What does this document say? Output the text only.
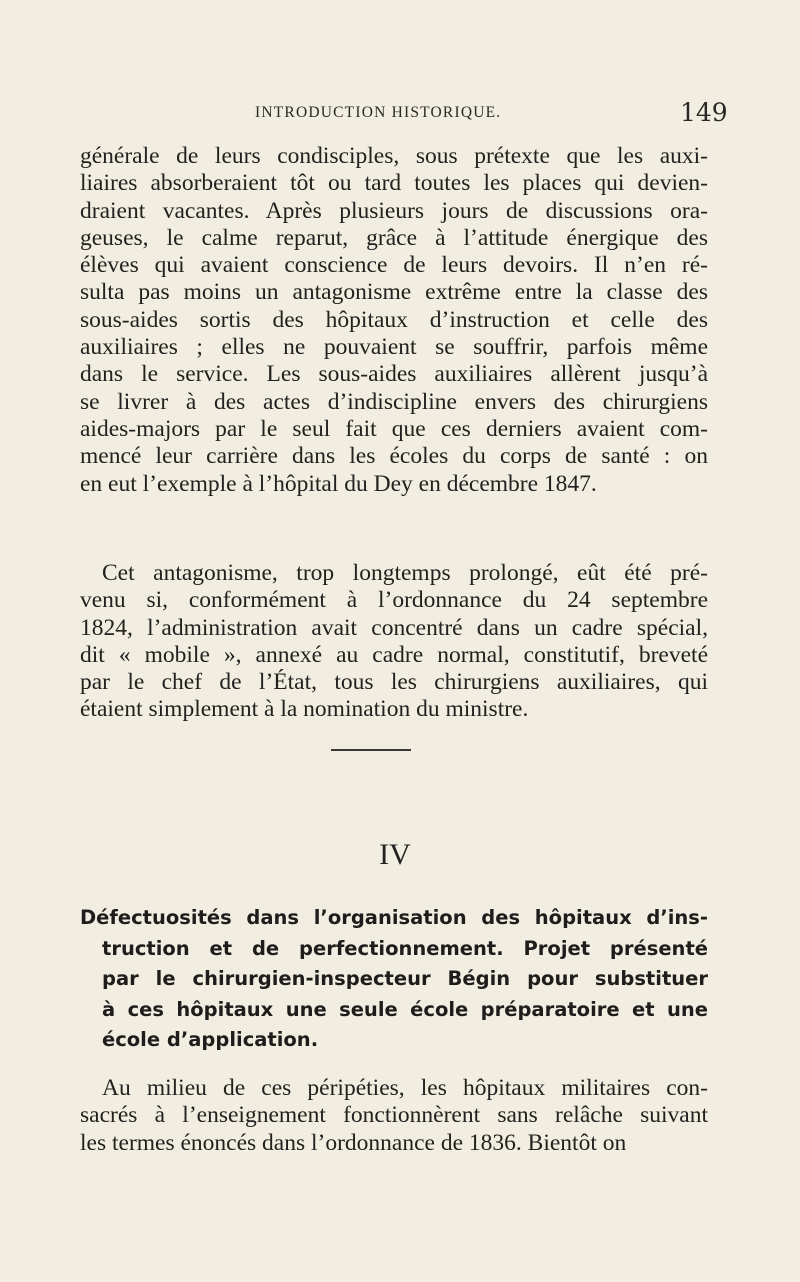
INTRODUCTION HISTORIQUE.	149
générale de leurs condisciples, sous prétexte que les auxi-
liaires absorberaient tôt ou tard toutes les places qui devien-
draient vacantes. Après plusieurs jours de discussions ora-
geuses, le calme reparut, grâce à l’attitude énergique des
élèves qui avaient conscience de leurs devoirs. Il n’en ré-
sulta pas moins un antagonisme extrême entre la classe des
sous-aides sortis des hôpitaux d’instruction et celle des
auxiliaires ; elles ne pouvaient se souffrir, parfois même
dans le service. Les sous-aides auxiliaires allèrent jusqu’à
se livrer à des actes d’indiscipline envers des chirurgiens
aides-majors par le seul fait que ces derniers avaient com-
mencé leur carrière dans les écoles du corps de santé : on
en eut l’exemple à l’hôpital du Dey en décembre 1847.
Cet antagonisme, trop longtemps prolongé, eût été pré-
venu si, conformément à l’ordonnance du 24 septembre
1824, l’administration avait concentré dans un cadre spécial,
dit « mobile », annexé au cadre normal, constitutif, breveté
par le chef de l’État, tous les chirurgiens auxiliaires, qui
étaient simplement à la nomination du ministre.
IV
Défectuosités dans l’organisation des hôpitaux d’ins-
truction et de perfectionnement. Projet présenté
par le chirurgien-inspecteur Bégin pour substituer
à ces hôpitaux une seule école préparatoire et une
école d’application.
Au milieu de ces péripéties, les hôpitaux militaires con-
sacrés à l’enseignement fonctionnèrent sans relâche suivant
les termes énoncés dans l’ordonnance de 1836. Bientôt on
